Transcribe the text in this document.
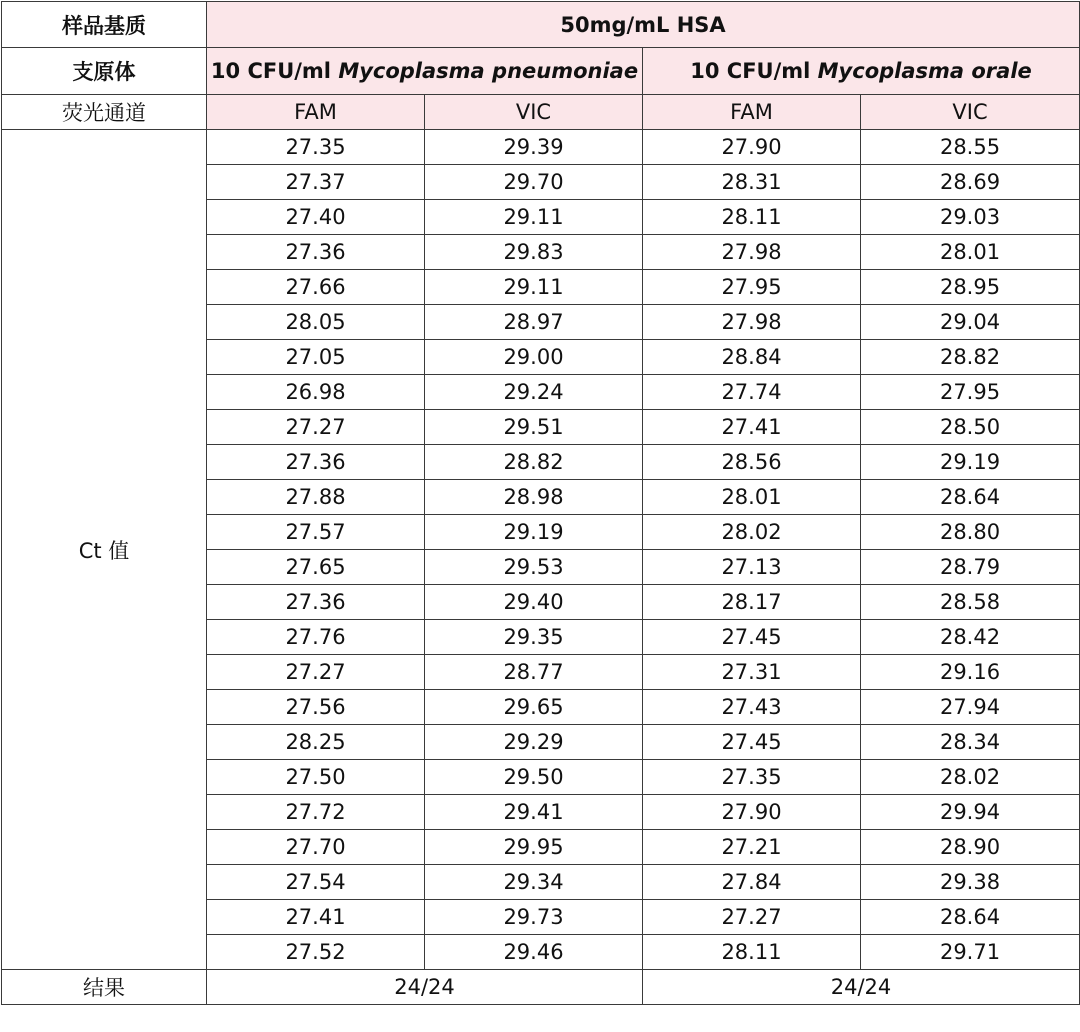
样品基质	50mg/mL HSA			
支原体	10 CFU/ml Mycoplasma pneumoniae		10 CFU/ml Mycoplasma orale	
荧光通道	FAM	VIC	FAM	VIC
Ct 值	27.35	29.39	27.90	28.55
	27.37	29.70	28.31	28.69
	27.40	29.11	28.11	29.03
	27.36	29.83	27.98	28.01
	27.66	29.11	27.95	28.95
	28.05	28.97	27.98	29.04
	27.05	29.00	28.84	28.82
	26.98	29.24	27.74	27.95
	27.27	29.51	27.41	28.50
	27.36	28.82	28.56	29.19
	27.88	28.98	28.01	28.64
	27.57	29.19	28.02	28.80
	27.65	29.53	27.13	28.79
	27.36	29.40	28.17	28.58
	27.76	29.35	27.45	28.42
	27.27	28.77	27.31	29.16
	27.56	29.65	27.43	27.94
	28.25	29.29	27.45	28.34
	27.50	29.50	27.35	28.02
	27.72	29.41	27.90	29.94
	27.70	29.95	27.21	28.90
	27.54	29.34	27.84	29.38
	27.41	29.73	27.27	28.64
	27.52	29.46	28.11	29.71
结果	24/24		24/24	
